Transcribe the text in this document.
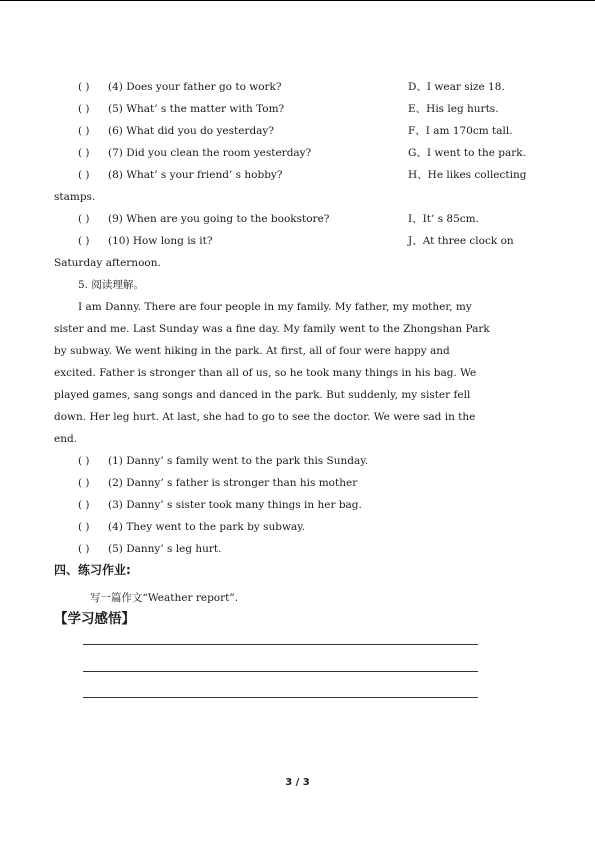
( ) (4) Does your father go to work?	D、I wear size 18.
( ) (5) What’ s the matter with Tom?	E、His leg hurts.
( ) (6) What did you do yesterday?	F、I am 170cm tall.
( ) (7) Did you clean the room yesterday?	G、I went to the park.
( ) (8) What’ s your friend’ s hobby?	H、He likes collecting
stamps.
( ) (9) When are you going to the bookstore?	I、It’ s 85cm.
( ) (10) How long is it?	J、At three clock on
Saturday afternoon.
5. 阅读理解。
I am Danny. There are four people in my family. My father, my mother, my
sister and me. Last Sunday was a fine day. My family went to the Zhongshan Park
by subway. We went hiking in the park. At first, all of four were happy and
excited. Father is stronger than all of us, so he took many things in his bag. We
played games, sang songs and danced in the park. But suddenly, my sister fell
down. Her leg hurt. At last, she had to go to see the doctor. We were sad in the
end.
( ) (1) Danny’ s family went to the park this Sunday.
( ) (2) Danny’ s father is stronger than his mother
( ) (3) Danny’ s sister took many things in her bag.
( ) (4) They went to the park by subway.
( ) (5) Danny’ s leg hurt.
四、练习作业:
写一篇作文“Weather report”.
【学习感悟】
3 / 3
